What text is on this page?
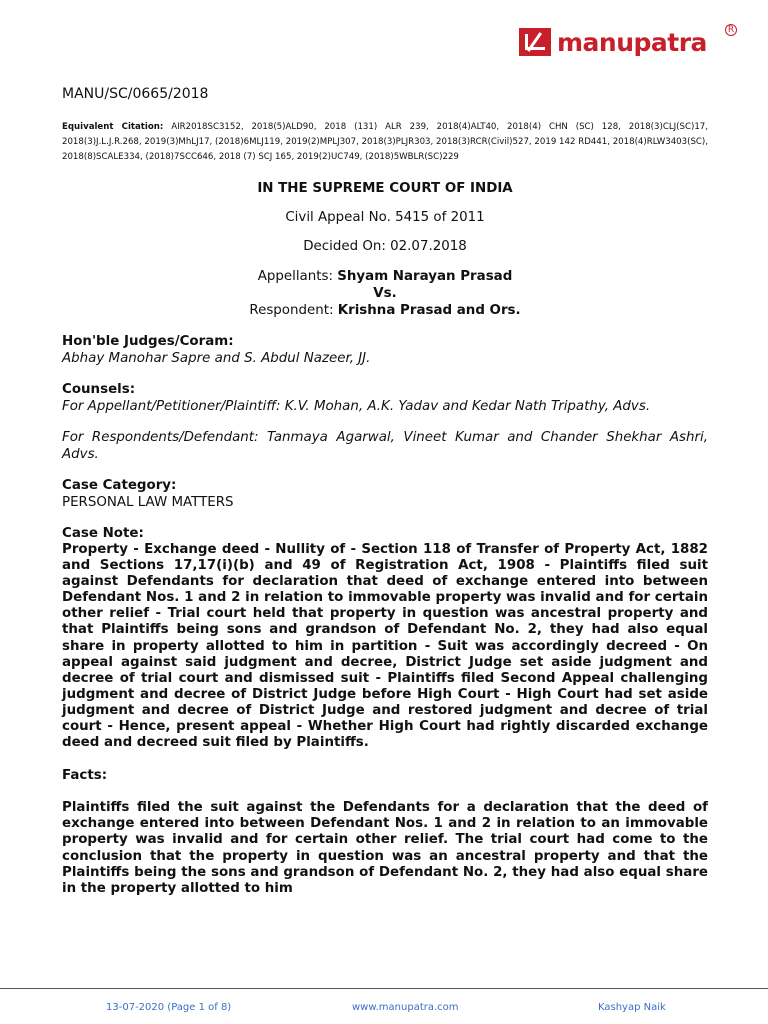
manupatra	R

MANU/SC/0665/2018

Equivalent Citation: AIR2018SC3152, 2018(5)ALD90, 2018 (131) ALR 239, 2018(4)ALT40, 2018(4) CHN (SC) 128, 2018(3)CLJ(SC)17, 2018(3)J.L.J.R.268, 2019(3)MhLJ17, (2018)6MLJ119, 2019(2)MPLJ307, 2018(3)PLJR303, 2018(3)RCR(Civil)527, 2019 142 RD441, 2018(4)RLW3403(SC), 2018(8)SCALE334, (2018)7SCC646, 2018 (7) SCJ 165, 2019(2)UC749, (2018)5WBLR(SC)229

IN THE SUPREME COURT OF INDIA

Civil Appeal No. 5415 of 2011

Decided On: 02.07.2018

Appellants: Shyam Narayan Prasad
Vs.
Respondent: Krishna Prasad and Ors.

Hon'ble Judges/Coram:

Abhay Manohar Sapre and S. Abdul Nazeer, JJ.

Counsels:

For Appellant/Petitioner/Plaintiff: K.V. Mohan, A.K. Yadav and Kedar Nath Tripathy, Advs.

For Respondents/Defendant: Tanmaya Agarwal, Vineet Kumar and Chander Shekhar Ashri, Advs.

Case Category:

PERSONAL LAW MATTERS

Case Note:

Property - Exchange deed - Nullity of - Section 118 of Transfer of Property Act, 1882 and Sections 17,17(i)(b) and 49 of Registration Act, 1908 - Plaintiffs filed suit against Defendants for declaration that deed of exchange entered into between Defendant Nos. 1 and 2 in relation to immovable property was invalid and for certain other relief - Trial court held that property in question was ancestral property and that Plaintiffs being sons and grandson of Defendant No. 2, they had also equal share in property allotted to him in partition - Suit was accordingly decreed - On appeal against said judgment and decree, District Judge set aside judgment and decree of trial court and dismissed suit - Plaintiffs filed Second Appeal challenging judgment and decree of District Judge before High Court - High Court had set aside judgment and decree of District Judge and restored judgment and decree of trial court - Hence, present appeal - Whether High Court had rightly discarded exchange deed and decreed suit filed by Plaintiffs.

Facts:

Plaintiffs filed the suit against the Defendants for a declaration that the deed of exchange entered into between Defendant Nos. 1 and 2 in relation to an immovable property was invalid and for certain other relief. The trial court had come to the conclusion that the property in question was an ancestral property and that the Plaintiffs being the sons and grandson of Defendant No. 2, they had also equal share in the property allotted to him

13-07-2020 (Page 1 of 8)	www.manupatra.com	Kashyap Naik
